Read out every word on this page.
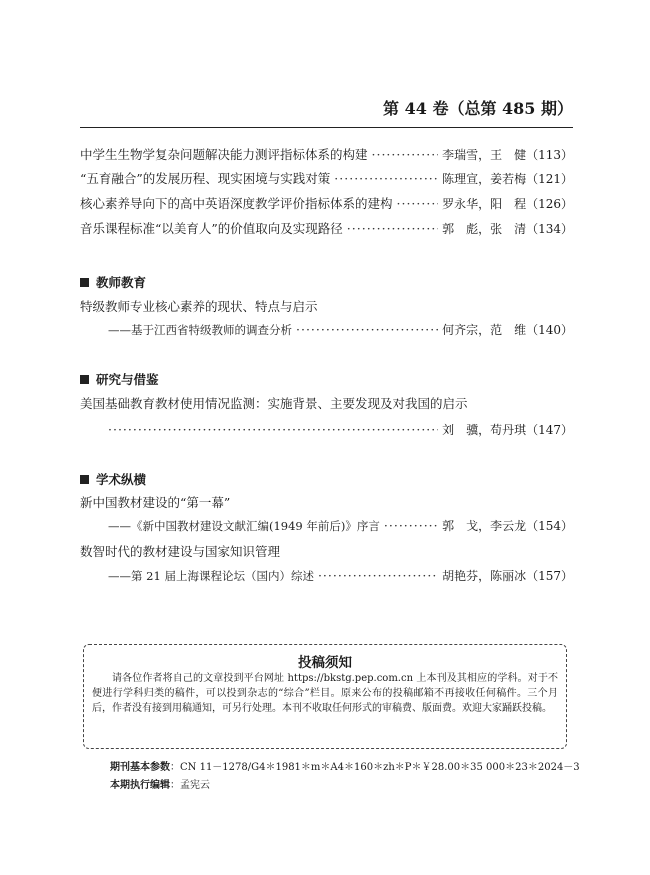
第 44 卷（总第 485 期）
中学生生物学复杂问题解决能力测评指标体系的构建 ·····	李瑞雪，王　健（113）
“五育融合”的发展历程、现实困境与实践对策 ·····	陈理宣，姜若梅（121）
核心素养导向下的高中英语深度教学评价指标体系的建构 ·····	罗永华，阳　程（126）
音乐课程标准“以美育人”的价值取向及实现路径 ·····	郭　彪，张　清（134）
教师教育
特级教师专业核心素养的现状、特点与启示
——基于江西省特级教师的调查分析 ·····	何齐宗，范　维（140）
研究与借鉴
美国基础教育教材使用情况监测：实施背景、主要发现及对我国的启示
·····
刘　骥，苟丹琪（147）
学术纵横
新中国教材建设的“第一幕”
——《新中国教材建设文献汇编(1949 年前后)》序言 ·····	郭　戈，李云龙（154）
数智时代的教材建设与国家知识管理
——第 21 届上海课程论坛（国内）综述 ·····	胡艳芬，陈丽冰（157）
投稿须知
请各位作者将自己的文章投到平台网址 https://bkstg.pep.com.cn 上本刊及其相应的学科。对于不便进行学科归类的稿件，可以投到杂志的“综合”栏目。原来公布的投稿邮箱不再接收任何稿件。三个月后，作者没有接到用稿通知，可另行处理。本刊不收取任何形式的审稿费、版面费。欢迎大家踊跃投稿。
期刊基本参数：CN 11－1278/G4＊1981＊m＊A4＊160＊zh＊P＊￥28.00＊35 000＊23＊2024－3
本期执行编辑：孟宪云
